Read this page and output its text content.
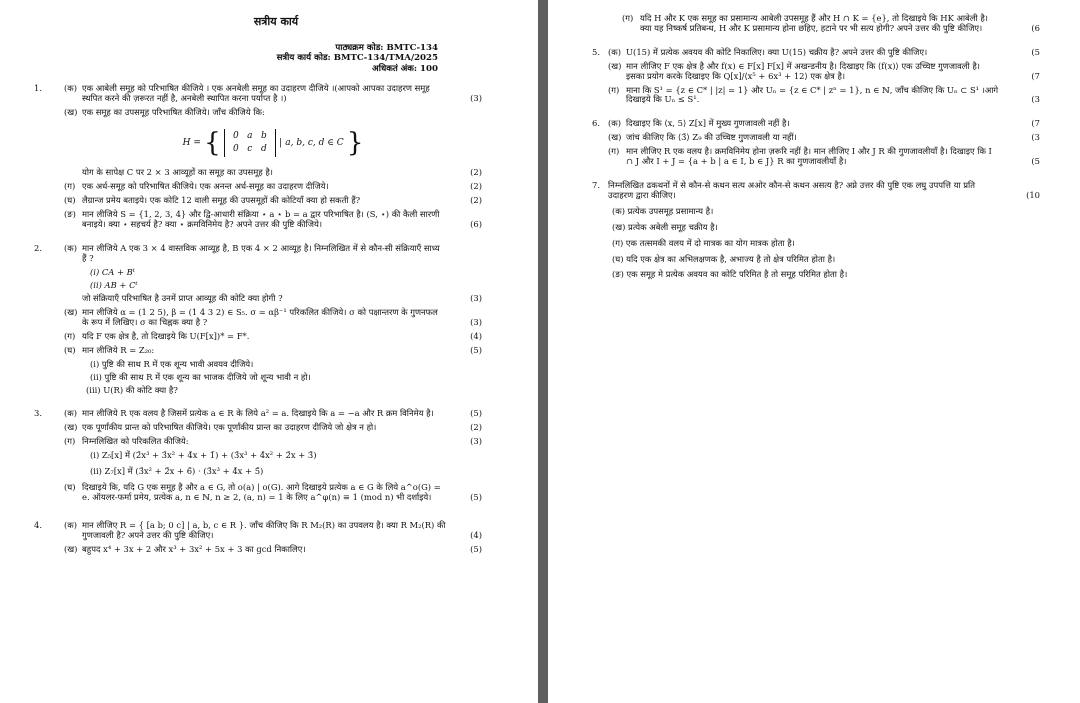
सत्रीय कार्य
पाठ्यक्रम कोड: BMTC-134
सत्रीय कार्य कोड: BMTC-134/TMA/2025
अधिकतं अंक: 100
1.	(क) एक आबेली समूह को परिभाषित कीजिये । एक अनबेली समूह का उदाहरण दीजिये ।(आपको आपका उदाहरण समूह स्थपित करने की ज़रूरत नहीं है, अनबेली स्थापित करना पर्याप्त है ।)	(3)
(ख) एक समूह का उपसमूह परिभाषित कीजिये। जाँच कीजिये कि:
H = { 0 a b
0 c d | a, b, c, d ∈ C }
योग के सापेक्ष C पर 2 × 3 आव्यूहों का समूह का उपसमूह है।	(2)
(ग) एक अर्ध-समूह को परिभाषित कीजिये। एक अनन्त अर्ध-समूह का उदाहरण दीजिये।	(2)
(घ) लैग्रान्ज प्रमेय बताइये। एक कोटि 12 वाली समूह की उपसमूहों की कोटियाँ क्या हो सकती हैं?	(2)
(ङ) मान लीजिये S = {1, 2, 3, 4} और द्वि-आधारी संक्रिया ⋆ a ⋆ b = a द्वार परिभाषित है। (S, ⋆) की कैली सारणी बनाइये। क्या ⋆ सहचर्य है? क्या ⋆ क्रमविनिमेय है? अपने उत्तर की पुष्टि कीजिये।	(6)
2.	(क) मान लीजिये A एक 3 × 4 वास्तविक आव्यूह है, B एक 4 × 2 आव्यूह है। निम्नलिखित में से कौन-सी संक्रियाएँ साध्य हैं ?
(i) CA + Bᵗ
(ii) AB + Cᵗ
जो संक्रियाएँ परिभाषित है उनमें प्राप्त आव्यूह की कोटि क्या होगी ?	(3)
(ख) मान लीजिये α = (1 2 5), β = (1 4 3 2) ∈ S₅. σ = αβ⁻¹ परिकलित कीजिये। σ को पक्षान्तरण के गुणनफल के रूप में लिखिए। σ का चिह्नक क्या है ?	(3)
(ग) यदि F एक क्षेत्र है, तो दिखाइये कि U(F[x])* = F*.	(4)
(घ) मान लीजिये R = Z₂₀:	(5)
(i) पुष्टि की साथ R में एक शून्य भावी अवयव दीजिये।
(ii) पुष्टि की साथ R में एक शून्य का भाजक दीजिये जो शून्य भावी न हो।
(iii) U(R) की कोटि क्या है?
3.	(क) मान लीजिये R एक वलय है जिसमें प्रत्येक a ∈ R के लिये a² = a. दिखाइये कि a = −a और R क्रम विनिमेय है।	(5)
(ख) एक पूर्णांकीय प्रान्त को परिभाषित कीजिये। एक पूर्णांकीय प्रान्त का उदाहरण दीजिये जो क्षेत्र न हो।	(2)
(ग) निम्नलिखित को परिकलित कीजिये:	(3)
(i) Z₅[x] में (2̄x³ + 3̄x² + 4̄x + 1̄) + (3̄x³ + 4̄x² + 2̄x + 3̄)
(ii) Z₇[x] में (3̄x² + 2̄x + 6̄) · (3̄x³ + 4̄x + 5̄)
(घ) दिखाइये कि, यदि G एक समूह है और a ∈ G, तो o(a) | o(G). आगे दिखाइये प्रत्येक a ∈ G के लिये a^o(G) = e. ऑयलर-फर्मा प्रमेय, प्रत्येक a, n ∈ ℕ, n ≥ 2, (a, n) = 1 के लिए a^φ(n) ≡ 1 (mod n) भी दर्शाइये।	(5)
4.	(क) मान लीजिए R = { [a b; 0 c] | a, b, c ∈ R }. जाँच कीजिए कि R M₂(R) का उपवलय है। क्या R M₂(R) की गुणजावली है? अपने उत्तर की पुष्टि कीजिए।	(4)
(ख) बहुपद x⁴ + 3x + 2 और x³ + 3x² + 5x + 3 का gcd निकालिए।	(5)
(ग) यदि H और K एक समूह का प्रसामान्य आबेली उपसमूह हैं और H ∩ K = {e}, तो दिखाइये कि HK आबेली है। क्या यह निष्कर्ष प्रतिबन्ध, H और K प्रसामान्य होना छहिए, हटाने पर भी सत्य होगी? अपने उत्तर की पुष्टि कीजिए।	(6
5. (क) U(15) में प्रत्येक अवयव की कोटि निकालिए। क्या U(15) चक्रीय है? अपने उत्तर की पुष्टि कीजिए।	(5
(ख) मान लीजिए F एक क्षेत्र है और f(x) ∈ F[x] F[x] में अखन्डनीय है। दिखाइए कि ⟨f(x)⟩ एक उच्चिष्ट गुणजावली है। इसका प्रयोग करके दिखाइए कि Q[x]/⟨x⁵ + 6x³ + 12⟩ एक क्षेत्र है।	(7
(ग) माना कि S¹ = {z ∈ C* | |z| = 1} और Uₙ = {z ∈ C* | zⁿ = 1}, n ∈ ℕ, जाँच कीजिए कि Uₙ ⊂ S¹ ।आगे दिखाइये कि Uₙ ≤ S¹.	(3
6. (क) दिखाइए कि ⟨x, 5⟩ Z[x] में मुख्य गुणजावली नहीं है।	(7
(ख) जांच कीजिए कि ⟨3̄⟩ Z₉ की उच्चिष्ट गुणजावली या नहीं।	(3
(ग) मान लीजिए R एक वलय है। क्रमविनिमेय होना ज़रूरि नहीं है। मान लीजिए I और J R की गुणजावलीयाँ है। दिखाइए कि I ∩ J और I + J = {a + b | a ∈ I, b ∈ J} R का गुणजावलीयाँ है।	(5
7. निम्नलिखित ढकथनों में से कौन-से कथन सत्य अओर कौन-से कथन असत्य है? अप्ने उत्तर की पुष्टि एक लघु उपपत्ति या प्रति उदाहरण द्वारा कीजिए।	(10
(क) प्रत्येक उपसमूह प्रसामान्य है।
(ख) प्रत्येक अबेली समूह चक्रीय है।
(ग) एक तत्समकी वलय में दो मात्रक का योग मात्रक होता है।
(घ) यदि एक क्षेत्र का अभिलक्षणक है, अभाज्य है तो क्षेत्र परिमित होता है।
(ङ) एक समूह मे प्रत्येक अवयव का कोटि परिमित है तो समूह परिमित होता है।
